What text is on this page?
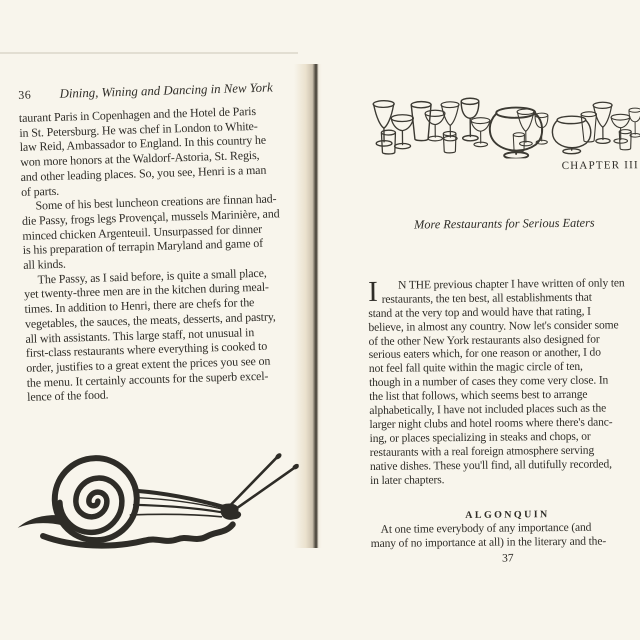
36	Dining, Wining and Dancing in New York

taurant Paris in Copenhagen and the Hotel de Paris
in St. Petersburg. He was chef in London to White-
law Reid, Ambassador to England. In this country he
won more honors at the Waldorf-Astoria, St. Regis,
and other leading places. So, you see, Henri is a man
of parts.

Some of his best luncheon creations are finnan had-
die Passy, frogs legs Provençal, mussels Marinière, and
minced chicken Argenteuil. Unsurpassed for dinner
is his preparation of terrapin Maryland and game of
all kinds.

The Passy, as I said before, is quite a small place,
yet twenty-three men are in the kitchen during meal-
times. In addition to Henri, there are chefs for the
vegetables, the sauces, the meats, desserts, and pastry,
all with assistants. This large staff, not unusual in
first-class restaurants where everything is cooked to
order, justifies to a great extent the prices you see on
the menu. It certainly accounts for the superb excel-
lence of the food.

CHAPTER III
More Restaurants for Serious Eaters

I N THE previous chapter I have written of only ten
restaurants, the ten best, all establishments that
stand at the very top and would have that rating, I
believe, in almost any country. Now let's consider some
of the other New York restaurants also designed for
serious eaters which, for one reason or another, I do
not feel fall quite within the magic circle of ten,
though in a number of cases they come very close. In
the list that follows, which seems best to arrange
alphabetically, I have not included places such as the
larger night clubs and hotel rooms where there's danc-
ing, or places specializing in steaks and chops, or
restaurants with a real foreign atmosphere serving
native dishes. These you'll find, all dutifully recorded,
in later chapters.

ALGONQUIN

At one time everybody of any importance (and
many of no importance at all) in the literary and the-

37
